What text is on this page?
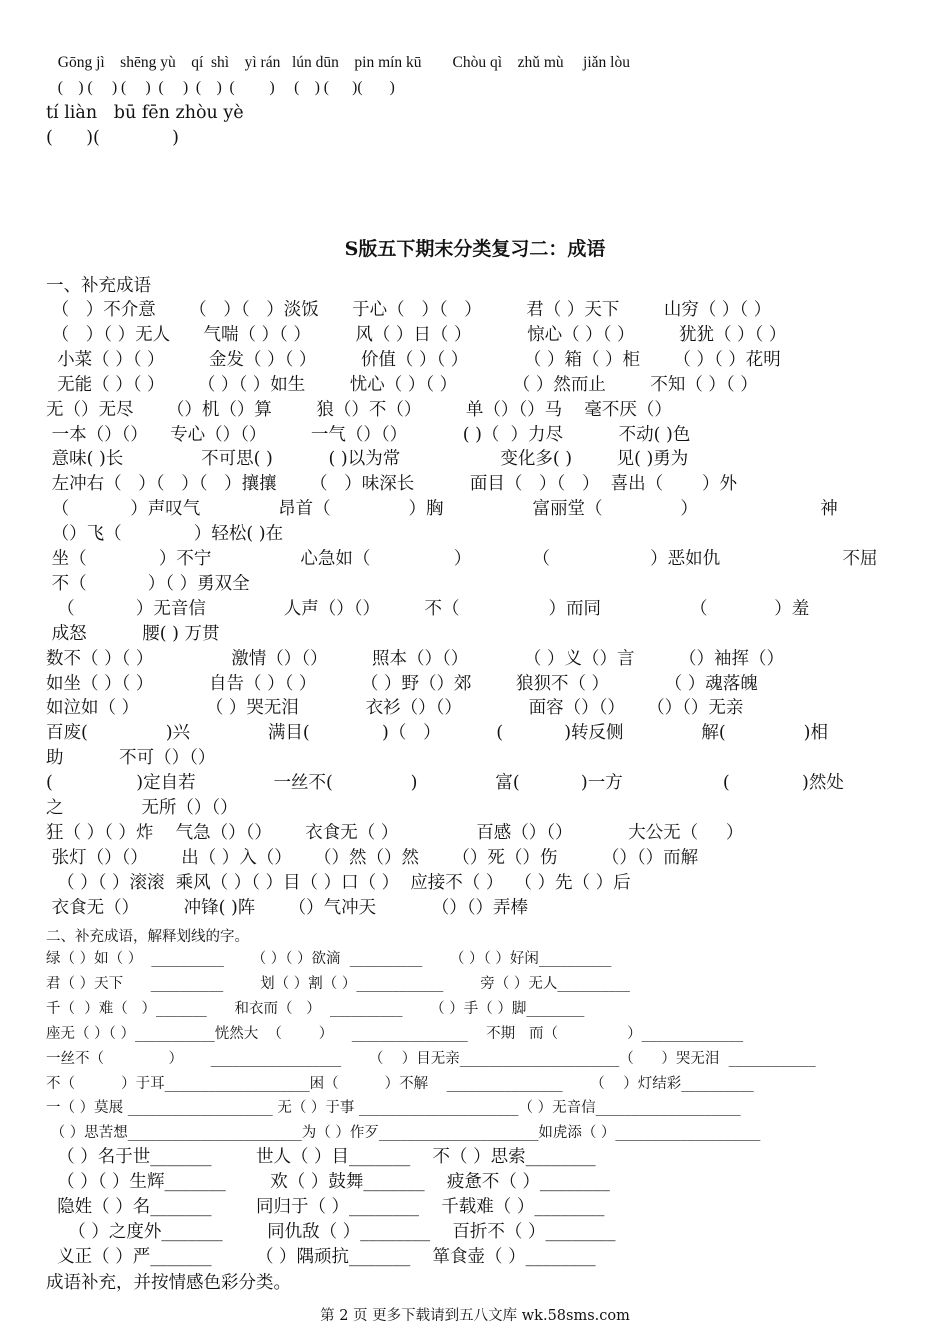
Gōng jì    shēng yù    qí  shì    yì rán   lún dūn    pin mín kū        Chòu qì    zhǔ mù     jiǎn lòu
(    ) (     ) (     )  (     )  (    )  (         )     (    ) (      )(       )
tí liàn   bū fēn zhòu yè
(      )(             )
S版五下期末分类复习二：成语
一、补充成语
（   ）不介意      （   ）（   ）淡饭      于心（   ）（   ）        君（ ）天下        山穷（ ）（ ）
（   ）（ ）无人      气喘（ ）（ ）        风（ ）日（ ）          惊心（ ）（ ）        犹犹（ ）（ ）
小菜（ ）（ ）        金发（ ）（ ）        价值（ ）（ ）          （ ）箱（ ）柜      （ ）（ ）花明
无能（ ）（ ）      （ ）（ ）如生        忧心（ ）（ ）          （ ）然而止        不知（ ）（ ）
无（）无尽      （）机（）算        狼（）不（）        单（）（）马    毫不厌（）
一本（）（）    专心（）（）        一气（）（）          ( )（  ）力尽          不动( )色
意味( )长              不可思( )          ( )以为常                  变化多( )        见( )勇为
左冲右（   ）（   ）（   ）攘攘      （   ）味深长          面目（   ）（   ）  喜出（       ）外
（           ）声叹气              昂首（              ）胸                富丽堂（              ）                      神
（）飞（             ）轻松( )在
坐（             ）不宁                心急如（               ）           （                  ）恶如仇                      不屈
不（           ）（ ）勇双全
（           ）无音信              人声（）（）        不（                ）而同                （            ）羞
成怒          腰( ) 万贯
数不（ ）（ ）              激情（）（）        照本（）（）          （ ）义（）言        （）袖挥（）
如坐（ ）（ ）          自告（ ）（ ）        （ ）野（）郊        狼狈不（ ）          （ ）魂落魄
如泣如（ ）            （ ）哭无泪            衣衫（）（）            面容（）（）    （）（）无亲
百废(              )兴              满目(             )（   ）          (           )转反侧              解(              )相
助          不可（）（）
(               )定自若              一丝不(              )              富(           )一方                  (             )然处
之              无所（）（）
狂（ ）（ ）炸    气急（）（）      衣食无（ ）              百感（）（）          大公无（     ）
张灯（）（）      出（ ）入（）    （）然（）然      （）死（）伤        （）（）而解
（ ）（ ）滚滚  乘风（ ）（ ）目（ ）口（ ）  应接不（ ）  （ ）先（ ）后
衣食无（）        冲锋( )阵      （）气冲天          （）（）弄棒
二、补充成语，解释划线的字。
绿（ ）如（ ）  __________      （ ）（ ）欲滴  __________      （ ）（ ）好闲__________
君（ ）天下      __________        划（ ）割（ ）____________        旁（ ）无人__________
千（  ）难（   ）_______      和衣而（   ）  __________      （ ）手（ ）脚________
座无（ ）（ ）___________恍然大  （        ）    ________________    不期   而（               ）______________
一丝不（              ）      __________________      （    ）目无亲______________________（      ）哭无泪  ____________
不（          ）于耳____________________困（          ）不解    ________________      （    ）灯结彩__________
一（ ）莫展 ____________________ 无（ ）于事 ______________________（ ）无音信____________________
（ ）思苦想________________________为（ ）作歹______________________如虎添（ ）____________________
（ ）名于世_______        世人（ ）目_______    不（ ）思索________
（ ）（ ）生辉_______        欢（ ）鼓舞_______    疲惫不（ ）________
隐姓（ ）名_______        同归于（ ）________    千载难（ ）________
（ ）之度外_______        同仇敌（ ）________    百折不（ ）________
义正（ ）严_______        （ ）隅顽抗_______    箪食壶（ ）________
成语补充，并按情感色彩分类。
第 2 页 更多下载请到五八文库 wk.58sms.com
